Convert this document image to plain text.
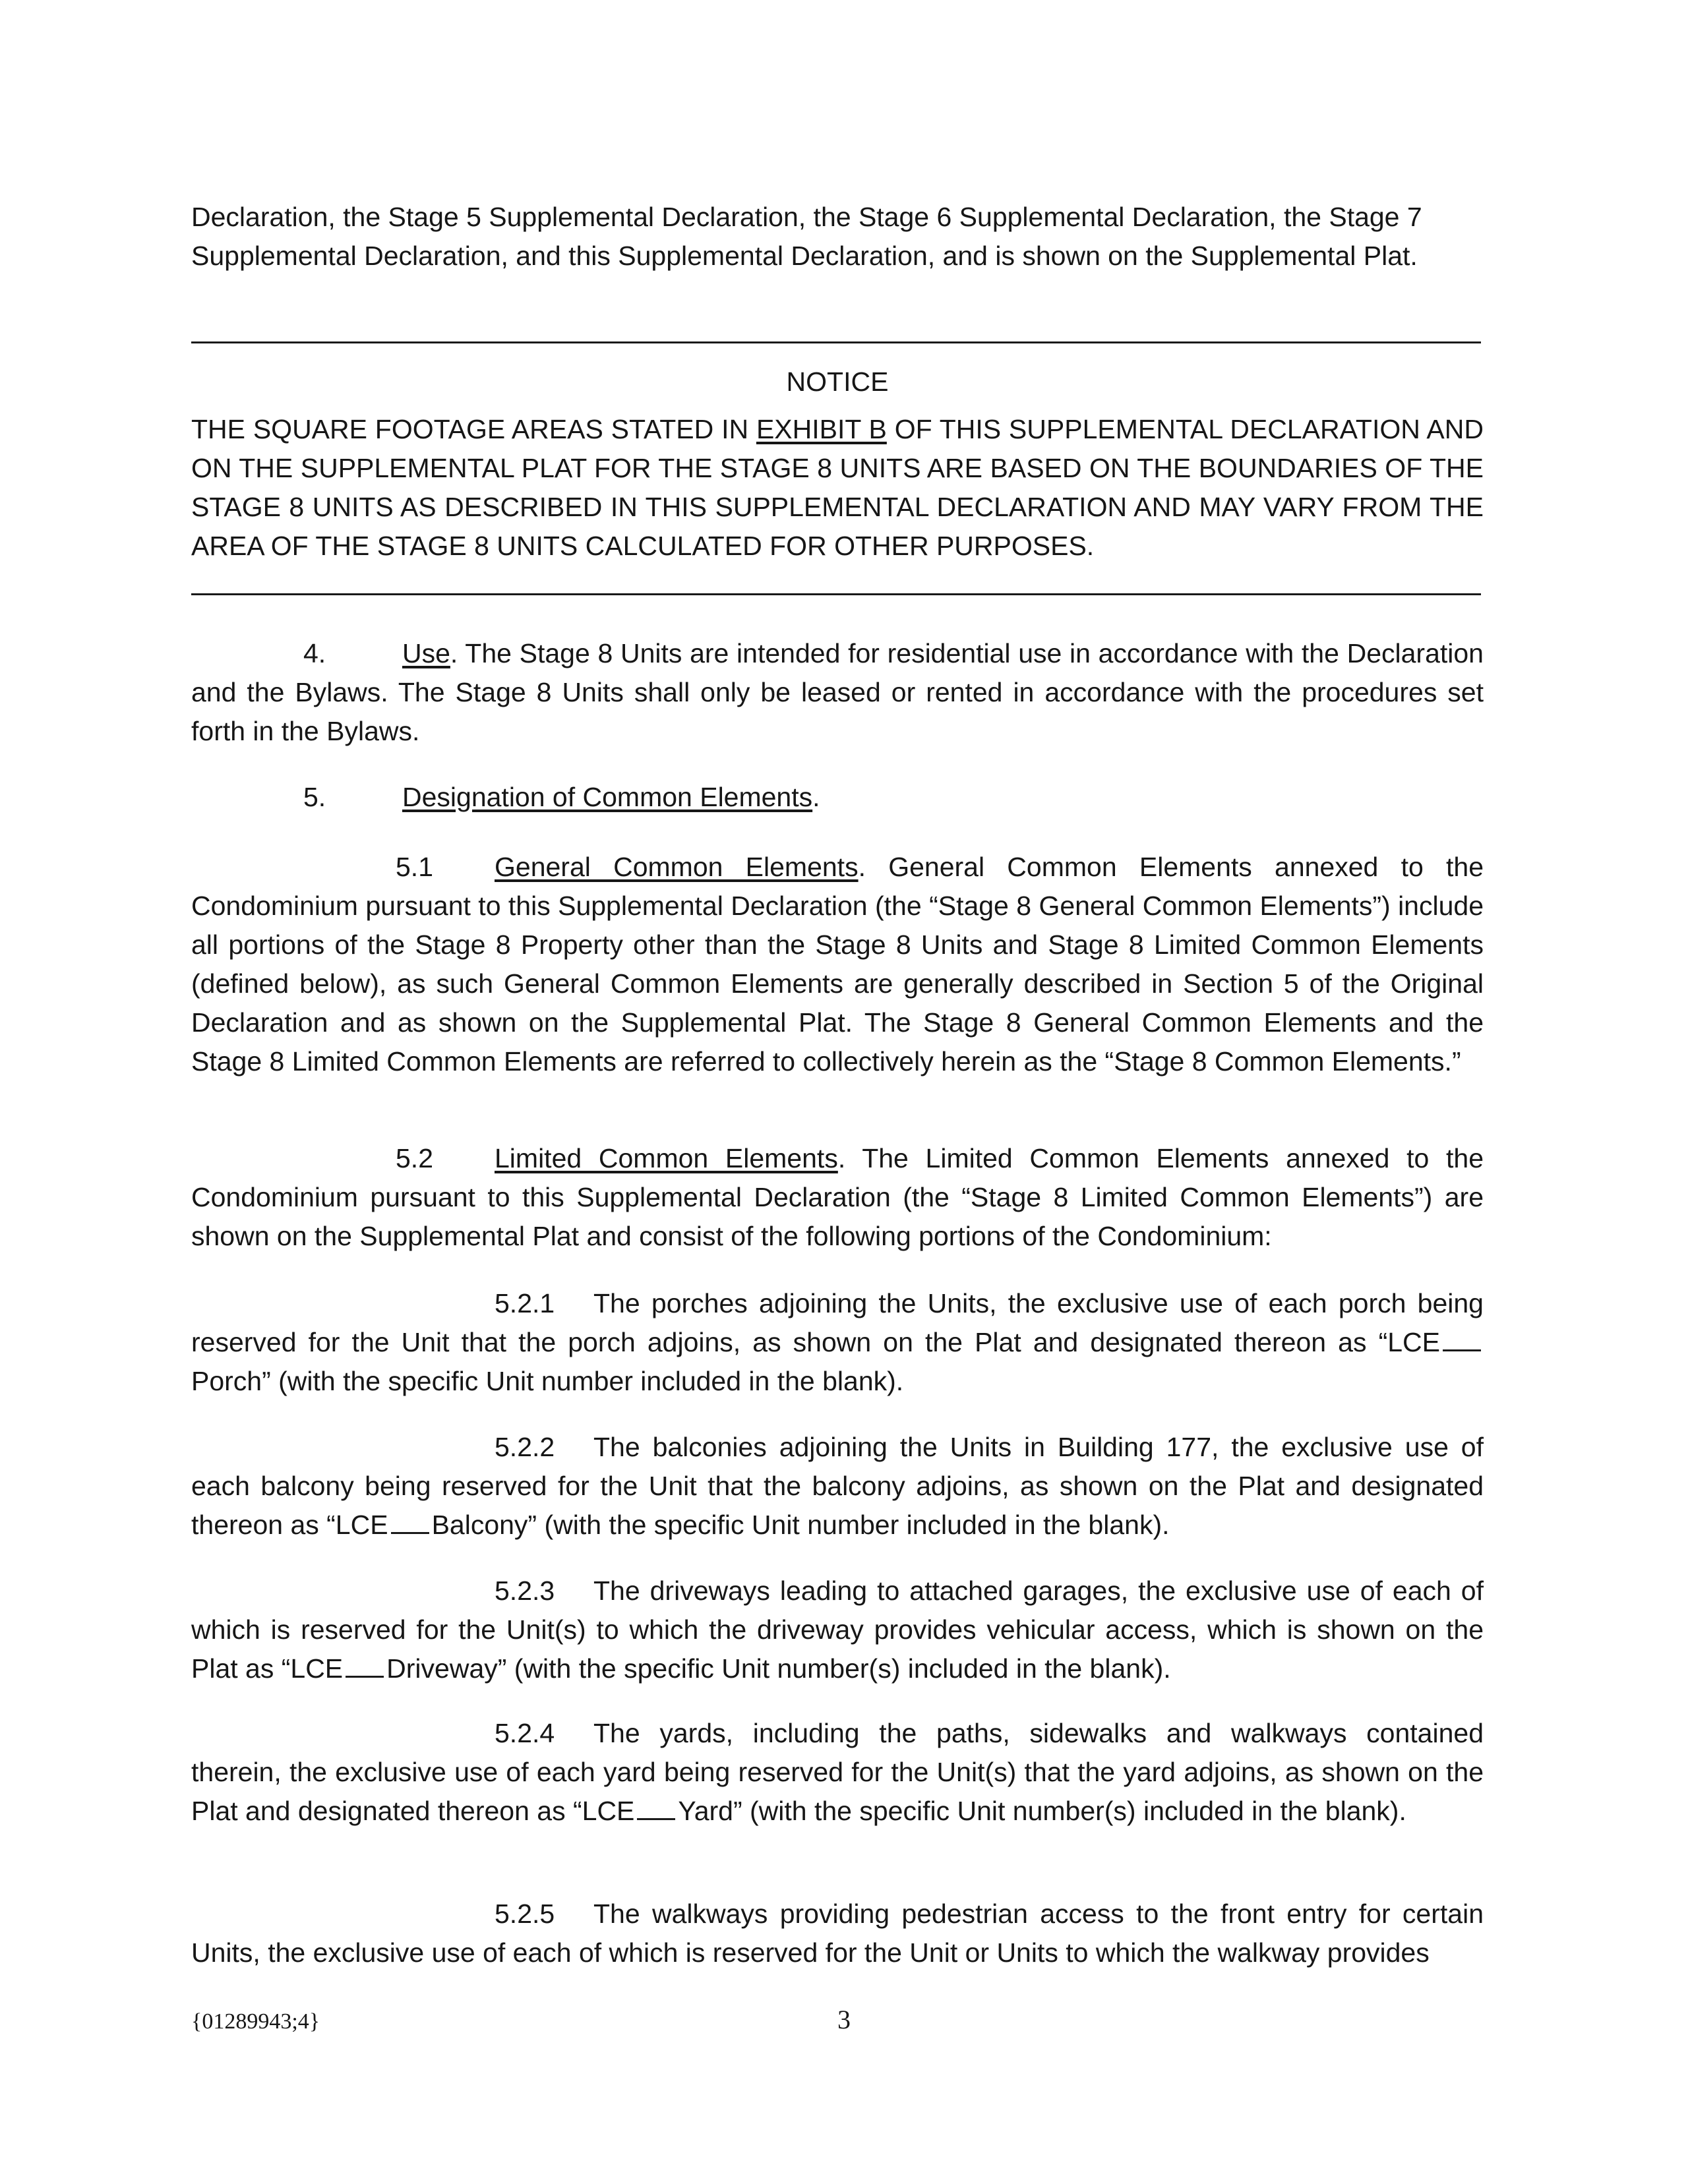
Declaration, the Stage 5 Supplemental Declaration, the Stage 6 Supplemental Declaration, the Stage 7
Supplemental Declaration, and this Supplemental Declaration, and is shown on the Supplemental Plat.
NOTICE
THE SQUARE FOOTAGE AREAS STATED IN EXHIBIT B OF THIS SUPPLEMENTAL DECLARATION AND ON THE SUPPLEMENTAL PLAT FOR THE STAGE 8 UNITS ARE BASED ON THE BOUNDARIES OF THE STAGE 8 UNITS AS DESCRIBED IN THIS SUPPLEMENTAL DECLARATION AND MAY VARY FROM THE AREA OF THE STAGE 8 UNITS CALCULATED FOR OTHER PURPOSES.
4.	Use. The Stage 8 Units are intended for residential use in accordance with the Declaration and the Bylaws. The Stage 8 Units shall only be leased or rented in accordance with the procedures set forth in the Bylaws.
5.	Designation of Common Elements.
5.1 General Common Elements. General Common Elements annexed to the Condominium pursuant to this Supplemental Declaration (the “Stage 8 General Common Elements”) include all portions of the Stage 8 Property other than the Stage 8 Units and Stage 8 Limited Common Elements (defined below), as such General Common Elements are generally described in Section 5 of the Original Declaration and as shown on the Supplemental Plat. The Stage 8 General Common Elements and the Stage 8 Limited Common Elements are referred to collectively herein as the “Stage 8 Common Elements.”
5.2 Limited Common Elements. The Limited Common Elements annexed to the Condominium pursuant to this Supplemental Declaration (the “Stage 8 Limited Common Elements”) are shown on the Supplemental Plat and consist of the following portions of the Condominium:
5.2.1 The porches adjoining the Units, the exclusive use of each porch being reserved for the Unit that the porch adjoins, as shown on the Plat and designated thereon as “LCEPorch” (with the specific Unit number included in the blank).
5.2.2 The balconies adjoining the Units in Building 177, the exclusive use of each balcony being reserved for the Unit that the balcony adjoins, as shown on the Plat and designated thereon as “LCE Balcony” (with the specific Unit number included in the blank).
5.2.3 The driveways leading to attached garages, the exclusive use of each of which is reserved for the Unit(s) to which the driveway provides vehicular access, which is shown on the Plat as “LCE Driveway” (with the specific Unit number(s) included in the blank).
5.2.4 The yards, including the paths, sidewalks and walkways contained therein, the exclusive use of each yard being reserved for the Unit(s) that the yard adjoins, as shown on the Plat and designated thereon as “LCE Yard” (with the specific Unit number(s) included in the blank).
5.2.5 The walkways providing pedestrian access to the front entry for certain Units, the exclusive use of each of which is reserved for the Unit or Units to which the walkway provides
{01289943;4}	3
